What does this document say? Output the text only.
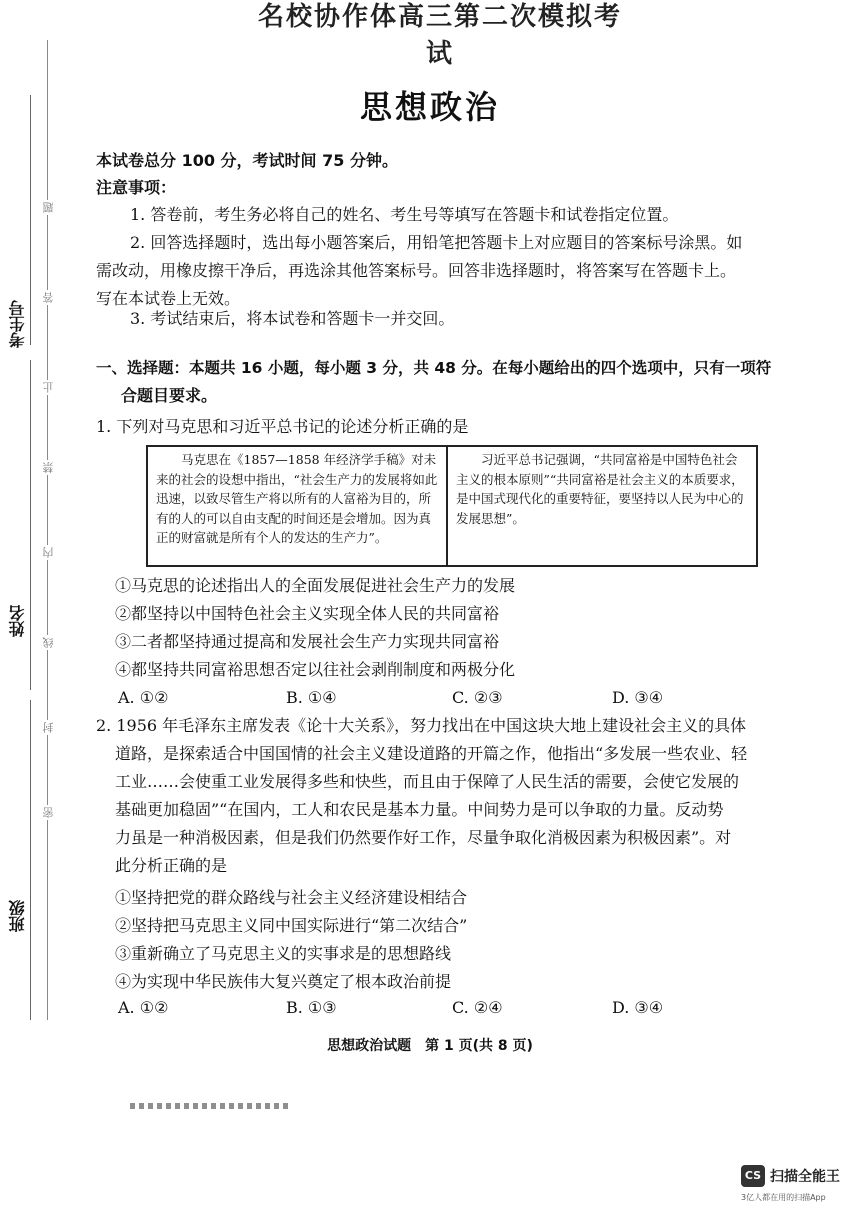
考生号
姓名
班级
题
答
止
禁
内
线
封
密
名校协作体高三第二次模拟考试
思想政治
本试卷总分 100 分，考试时间 75 分钟。
注意事项：
1. 答卷前，考生务必将自己的姓名、考生号等填写在答题卡和试卷指定位置。
2. 回答选择题时，选出每小题答案后，用铅笔把答题卡上对应题目的答案标号涂黑。如
需改动，用橡皮擦干净后，再选涂其他答案标号。回答非选择题时，将答案写在答题卡上。
写在本试卷上无效。
3. 考试结束后，将本试卷和答题卡一并交回。
一、选择题：本题共 16 小题，每小题 3 分，共 48 分。在每小题给出的四个选项中，只有一项符
合题目要求。
1. 下列对马克思和习近平总书记的论述分析正确的是
　　马克思在《1857—1858 年经济学手稿》对未来的社会的设想中指出，“社会生产力的发展将如此迅速，以致尽管生产将以所有的人富裕为目的，所有的人的可以自由支配的时间还是会增加。因为真正的财富就是所有个人的发达的生产力”。
　　习近平总书记强调，“共同富裕是中国特色社会主义的根本原则”“共同富裕是社会主义的本质要求，是中国式现代化的重要特征，要坚持以人民为中心的发展思想”。
①马克思的论述指出人的全面发展促进社会生产力的发展
②都坚持以中国特色社会主义实现全体人民的共同富裕
③二者都坚持通过提高和发展社会生产力实现共同富裕
④都坚持共同富裕思想否定以往社会剥削制度和两极分化
A. ①②	B. ①④	C. ②③	D. ③④
2. 1956 年毛泽东主席发表《论十大关系》，努力找出在中国这块大地上建设社会主义的具体
道路，是探索适合中国国情的社会主义建设道路的开篇之作，他指出“多发展一些农业、轻
工业……会使重工业发展得多些和快些，而且由于保障了人民生活的需要，会使它发展的
基础更加稳固”“在国内，工人和农民是基本力量。中间势力是可以争取的力量。反动势
力虽是一种消极因素，但是我们仍然要作好工作，尽量争取化消极因素为积极因素”。对
此分析正确的是
①坚持把党的群众路线与社会主义经济建设相结合
②坚持把马克思主义同中国实际进行“第二次结合”
③重新确立了马克思主义的实事求是的思想路线
④为实现中华民族伟大复兴奠定了根本政治前提
A. ①②	B. ①③	C. ②④	D. ③④
思想政治试题　第 1 页(共 8 页)
CS 扫描全能王
3亿人都在用的扫描App
